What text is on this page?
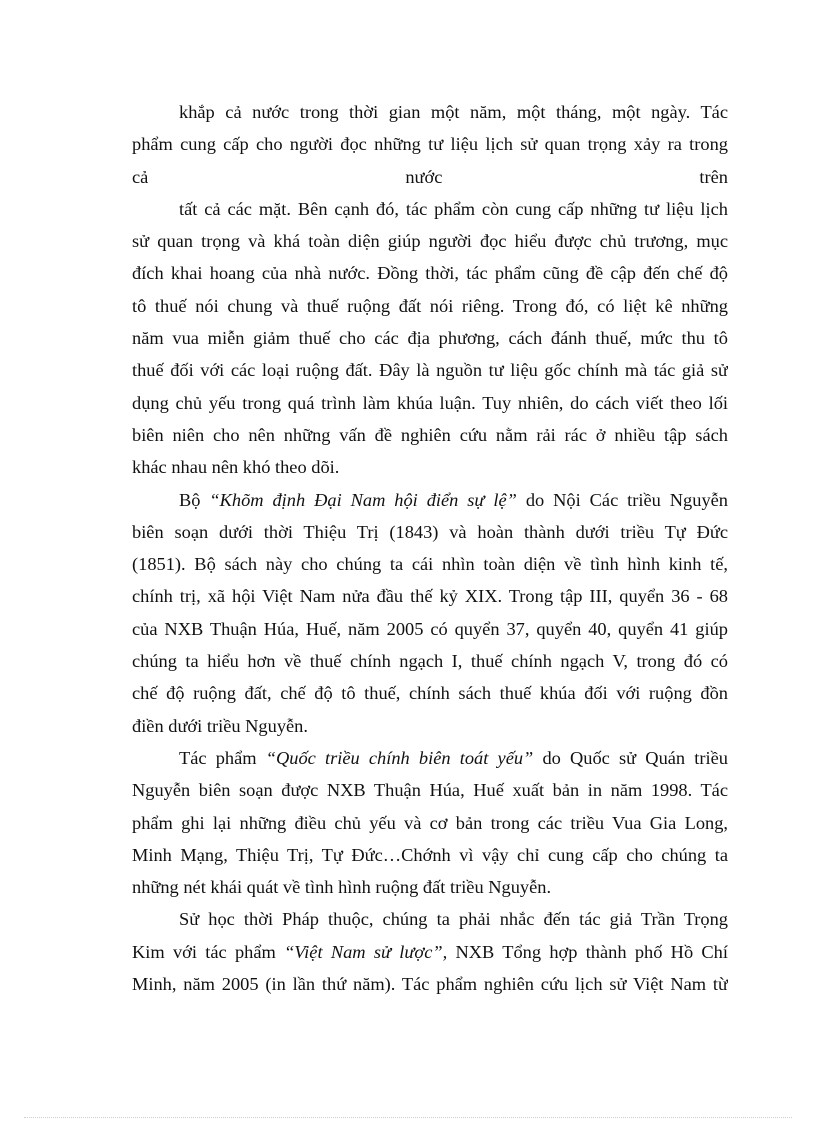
khắp cả nước trong thời gian một năm, một tháng, một ngày. Tác
phẩm cung cấp cho người đọc những tư liệu lịch sử quan trọng xảy ra trong
cả nước trên
tất cả các mặt. Bên cạnh đó, tác phẩm còn cung cấp những tư liệu lịch
sử quan trọng và khá toàn diện giúp người đọc hiểu được chủ trương, mục
đích khai hoang của nhà nước. Đồng thời, tác phẩm cũng đề cập đến chế độ
tô thuế nói chung và thuế ruộng đất nói riêng. Trong đó, có liệt kê những
năm vua miễn giảm thuế cho các địa phương, cách đánh thuế, mức thu tô
thuế đối với các loại ruộng đất. Đây là nguồn tư liệu gốc chính mà tác giả sử
dụng chủ yếu trong quá trình làm khúa luận. Tuy nhiên, do cách viết theo lối
biên niên cho nên những vấn đề nghiên cứu nằm rải rác ở nhiều tập sách
khác nhau nên khó theo dõi.
Bộ “Khõm định Đại Nam hội điển sự lệ” do Nội Các triều Nguyễn
biên soạn dưới thời Thiệu Trị (1843) và hoàn thành dưới triều Tự Đức
(1851). Bộ sách này cho chúng ta cái nhìn toàn diện về tình hình kinh tế,
chính trị, xã hội Việt Nam nửa đầu thế kỷ XIX. Trong tập III, quyển 36 - 68
của NXB Thuận Húa, Huế, năm 2005 có quyển 37, quyển 40, quyển 41 giúp
chúng ta hiểu hơn về thuế chính ngạch I, thuế chính ngạch V, trong đó có
chế độ ruộng đất, chế độ tô thuế, chính sách thuế khúa đối với ruộng đồn
điền dưới triều Nguyễn.
Tác phẩm “Quốc triều chính biên toát yếu” do Quốc sử Quán triều
Nguyễn biên soạn được NXB Thuận Húa, Huế xuất bản in năm 1998. Tác
phẩm ghi lại những điều chủ yếu và cơ bản trong các triều Vua Gia Long,
Minh Mạng, Thiệu Trị, Tự Đức…Chớnh vì vậy chỉ cung cấp cho chúng ta
những nét khái quát về tình hình ruộng đất triều Nguyễn.
Sử học thời Pháp thuộc, chúng ta phải nhắc đến tác giả Trần Trọng
Kim với tác phẩm “Việt Nam sử lược”, NXB Tổng hợp thành phố Hồ Chí
Minh, năm 2005 (in lần thứ năm). Tác phẩm nghiên cứu lịch sử Việt Nam từ
